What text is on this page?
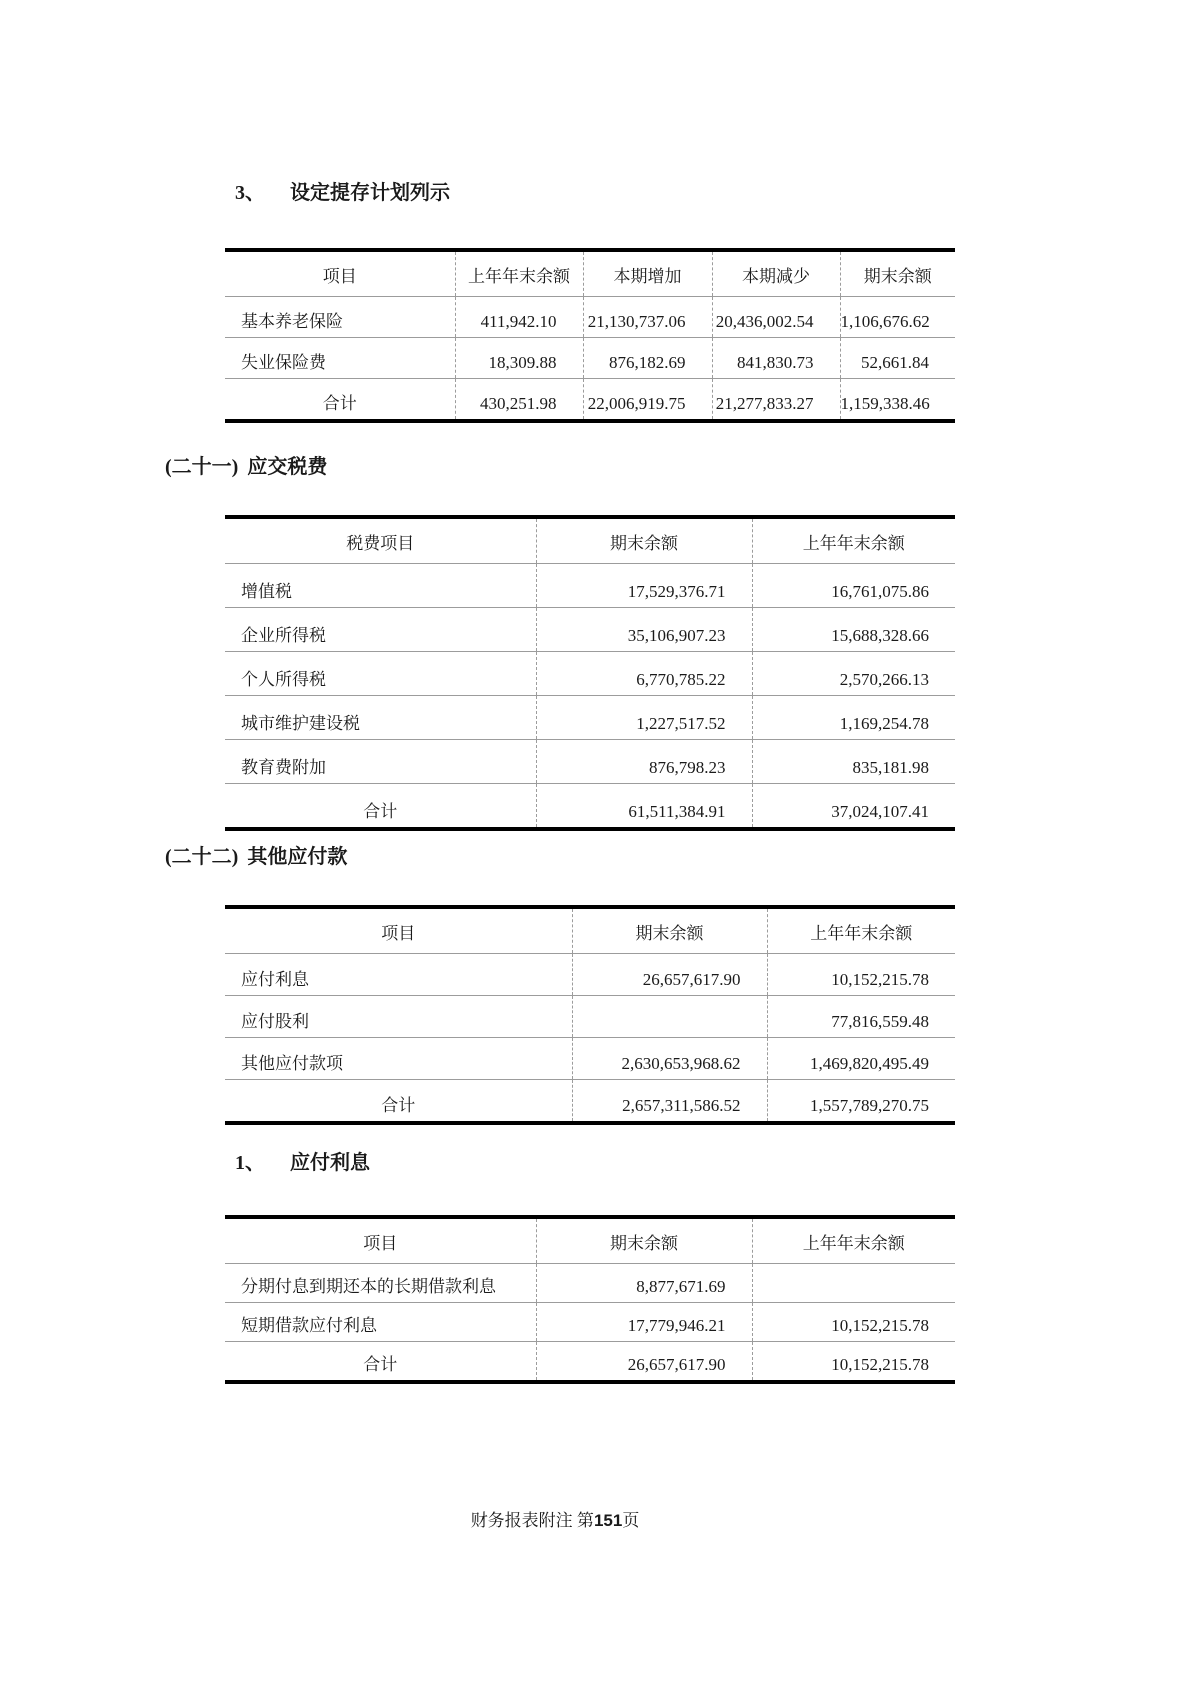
3、 设定提存计划列示
项目	上年年末余额	本期增加	本期减少	期末余额
基本养老保险	411,942.10	21,130,737.06	20,436,002.54	1,106,676.62
失业保险费	18,309.88	876,182.69	841,830.73	52,661.84
合计	430,251.98	22,006,919.75	21,277,833.27	1,159,338.46
(二十一) 应交税费
税费项目	期末余额	上年年末余额
增值税	17,529,376.71	16,761,075.86
企业所得税	35,106,907.23	15,688,328.66
个人所得税	6,770,785.22	2,570,266.13
城市维护建设税	1,227,517.52	1,169,254.78
教育费附加	876,798.23	835,181.98
合计	61,511,384.91	37,024,107.41
(二十二) 其他应付款
项目	期末余额	上年年末余额
应付利息	26,657,617.90	10,152,215.78
应付股利		77,816,559.48
其他应付款项	2,630,653,968.62	1,469,820,495.49
合计	2,657,311,586.52	1,557,789,270.75
1、 应付利息
项目	期末余额	上年年末余额
分期付息到期还本的长期借款利息	8,877,671.69	
短期借款应付利息	17,779,946.21	10,152,215.78
合计	26,657,617.90	10,152,215.78
财务报表附注 第151页
